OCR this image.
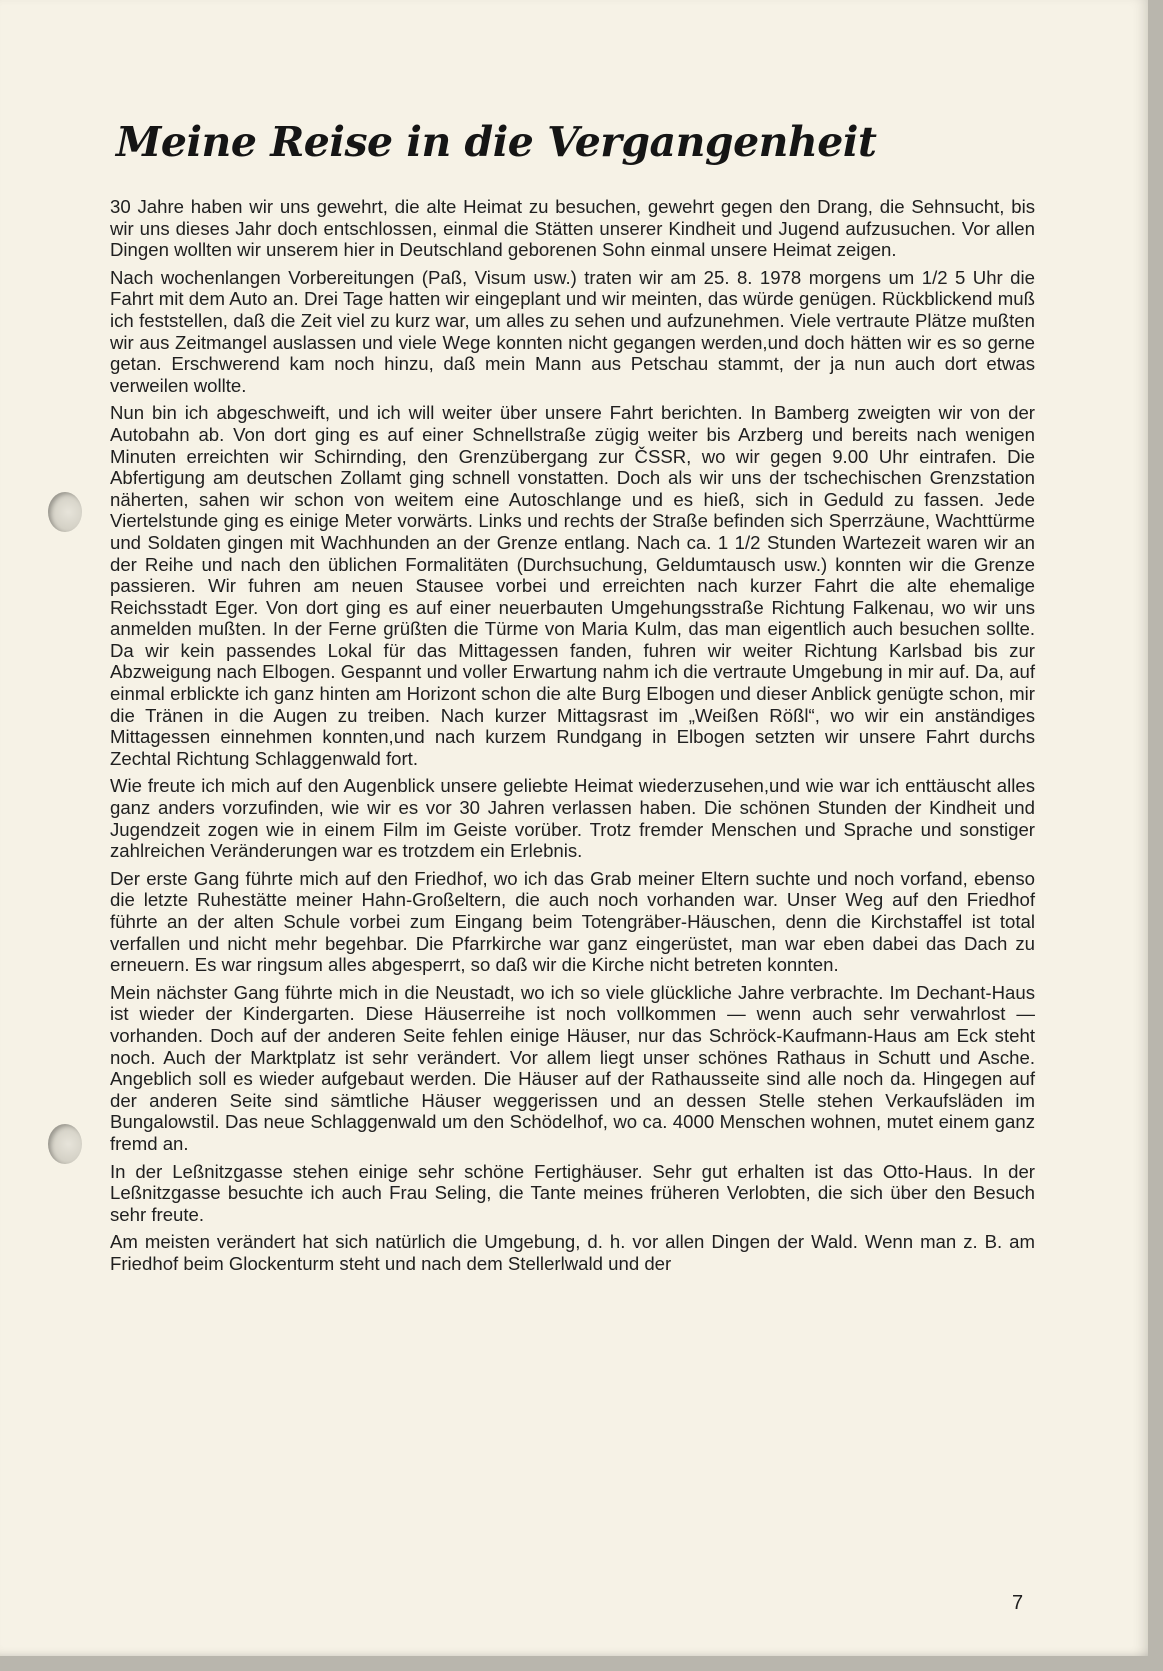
Meine Reise in die Vergangenheit

30 Jahre haben wir uns gewehrt, die alte Heimat zu besuchen, gewehrt gegen den Drang, die Sehnsucht, bis wir uns dieses Jahr doch entschlossen, einmal die Stätten unserer Kindheit und Jugend aufzusuchen. Vor allen Dingen wollten wir unserem hier in Deutschland geborenen Sohn einmal unsere Heimat zeigen.

Nach wochenlangen Vorbereitungen (Paß, Visum usw.) traten wir am 25. 8. 1978 morgens um 1/2 5 Uhr die Fahrt mit dem Auto an. Drei Tage hatten wir eingeplant und wir meinten, das würde genügen. Rückblickend muß ich feststellen, daß die Zeit viel zu kurz war, um alles zu sehen und aufzunehmen. Viele vertraute Plätze mußten wir aus Zeitmangel auslassen und viele Wege konnten nicht gegangen werden,und doch hätten wir es so gerne getan. Erschwerend kam noch hinzu, daß mein Mann aus Petschau stammt, der ja nun auch dort etwas verweilen wollte.

Nun bin ich abgeschweift, und ich will weiter über unsere Fahrt berichten. In Bamberg zweigten wir von der Autobahn ab. Von dort ging es auf einer Schnellstraße zügig weiter bis Arzberg und bereits nach wenigen Minuten erreichten wir Schirnding, den Grenzübergang zur ČSSR, wo wir gegen 9.00 Uhr eintrafen. Die Abfertigung am deutschen Zollamt ging schnell vonstatten. Doch als wir uns der tschechischen Grenzstation näherten, sahen wir schon von weitem eine Autoschlange und es hieß, sich in Geduld zu fassen. Jede Viertelstunde ging es einige Meter vorwärts. Links und rechts der Straße befinden sich Sperrzäune, Wachttürme und Soldaten gingen mit Wachhunden an der Grenze entlang. Nach ca. 1 1/2 Stunden Wartezeit waren wir an der Reihe und nach den üblichen Formalitäten (Durchsuchung, Geldumtausch usw.) konnten wir die Grenze passieren. Wir fuhren am neuen Stausee vorbei und erreichten nach kurzer Fahrt die alte ehemalige Reichsstadt Eger. Von dort ging es auf einer neuerbauten Umgehungsstraße Richtung Falkenau, wo wir uns anmelden mußten. In der Ferne grüßten die Türme von Maria Kulm, das man eigentlich auch besuchen sollte. Da wir kein passendes Lokal für das Mittagessen fanden, fuhren wir weiter Richtung Karlsbad bis zur Abzweigung nach Elbogen. Gespannt und voller Erwartung nahm ich die vertraute Umgebung in mir auf. Da, auf einmal erblickte ich ganz hinten am Horizont schon die alte Burg Elbogen und dieser Anblick genügte schon, mir die Tränen in die Augen zu treiben. Nach kurzer Mittagsrast im „Weißen Rößl“, wo wir ein anständiges Mittagessen einnehmen konnten,und nach kurzem Rundgang in Elbogen setzten wir unsere Fahrt durchs Zechtal Richtung Schlaggenwald fort.

Wie freute ich mich auf den Augenblick unsere geliebte Heimat wiederzusehen,und wie war ich enttäuscht alles ganz anders vorzufinden, wie wir es vor 30 Jahren verlassen haben. Die schönen Stunden der Kindheit und Jugendzeit zogen wie in einem Film im Geiste vorüber. Trotz fremder Menschen und Sprache und sonstiger zahlreichen Veränderungen war es trotzdem ein Erlebnis.

Der erste Gang führte mich auf den Friedhof, wo ich das Grab meiner Eltern suchte und noch vorfand, ebenso die letzte Ruhestätte meiner Hahn-Großeltern, die auch noch vorhanden war. Unser Weg auf den Friedhof führte an der alten Schule vorbei zum Eingang beim Totengräber-Häuschen, denn die Kirchstaffel ist total verfallen und nicht mehr begehbar. Die Pfarrkirche war ganz eingerüstet, man war eben dabei das Dach zu erneuern. Es war ringsum alles abgesperrt, so daß wir die Kirche nicht betreten konnten.

Mein nächster Gang führte mich in die Neustadt, wo ich so viele glückliche Jahre verbrachte. Im Dechant-Haus ist wieder der Kindergarten. Diese Häuserreihe ist noch vollkommen — wenn auch sehr verwahrlost — vorhanden. Doch auf der anderen Seite fehlen einige Häuser, nur das Schröck-Kaufmann-Haus am Eck steht noch. Auch der Marktplatz ist sehr verändert. Vor allem liegt unser schönes Rathaus in Schutt und Asche. Angeblich soll es wieder aufgebaut werden. Die Häuser auf der Rathausseite sind alle noch da. Hingegen auf der anderen Seite sind sämtliche Häuser weggerissen und an dessen Stelle stehen Verkaufsläden im Bungalowstil. Das neue Schlaggenwald um den Schödelhof, wo ca. 4000 Menschen wohnen, mutet einem ganz fremd an.

In der Leßnitzgasse stehen einige sehr schöne Fertighäuser. Sehr gut erhalten ist das Otto-Haus. In der Leßnitzgasse besuchte ich auch Frau Seling, die Tante meines früheren Verlobten, die sich über den Besuch sehr freute.

Am meisten verändert hat sich natürlich die Umgebung, d. h. vor allen Dingen der Wald. Wenn man z. B. am Friedhof beim Glockenturm steht und nach dem Stellerlwald und der

7
